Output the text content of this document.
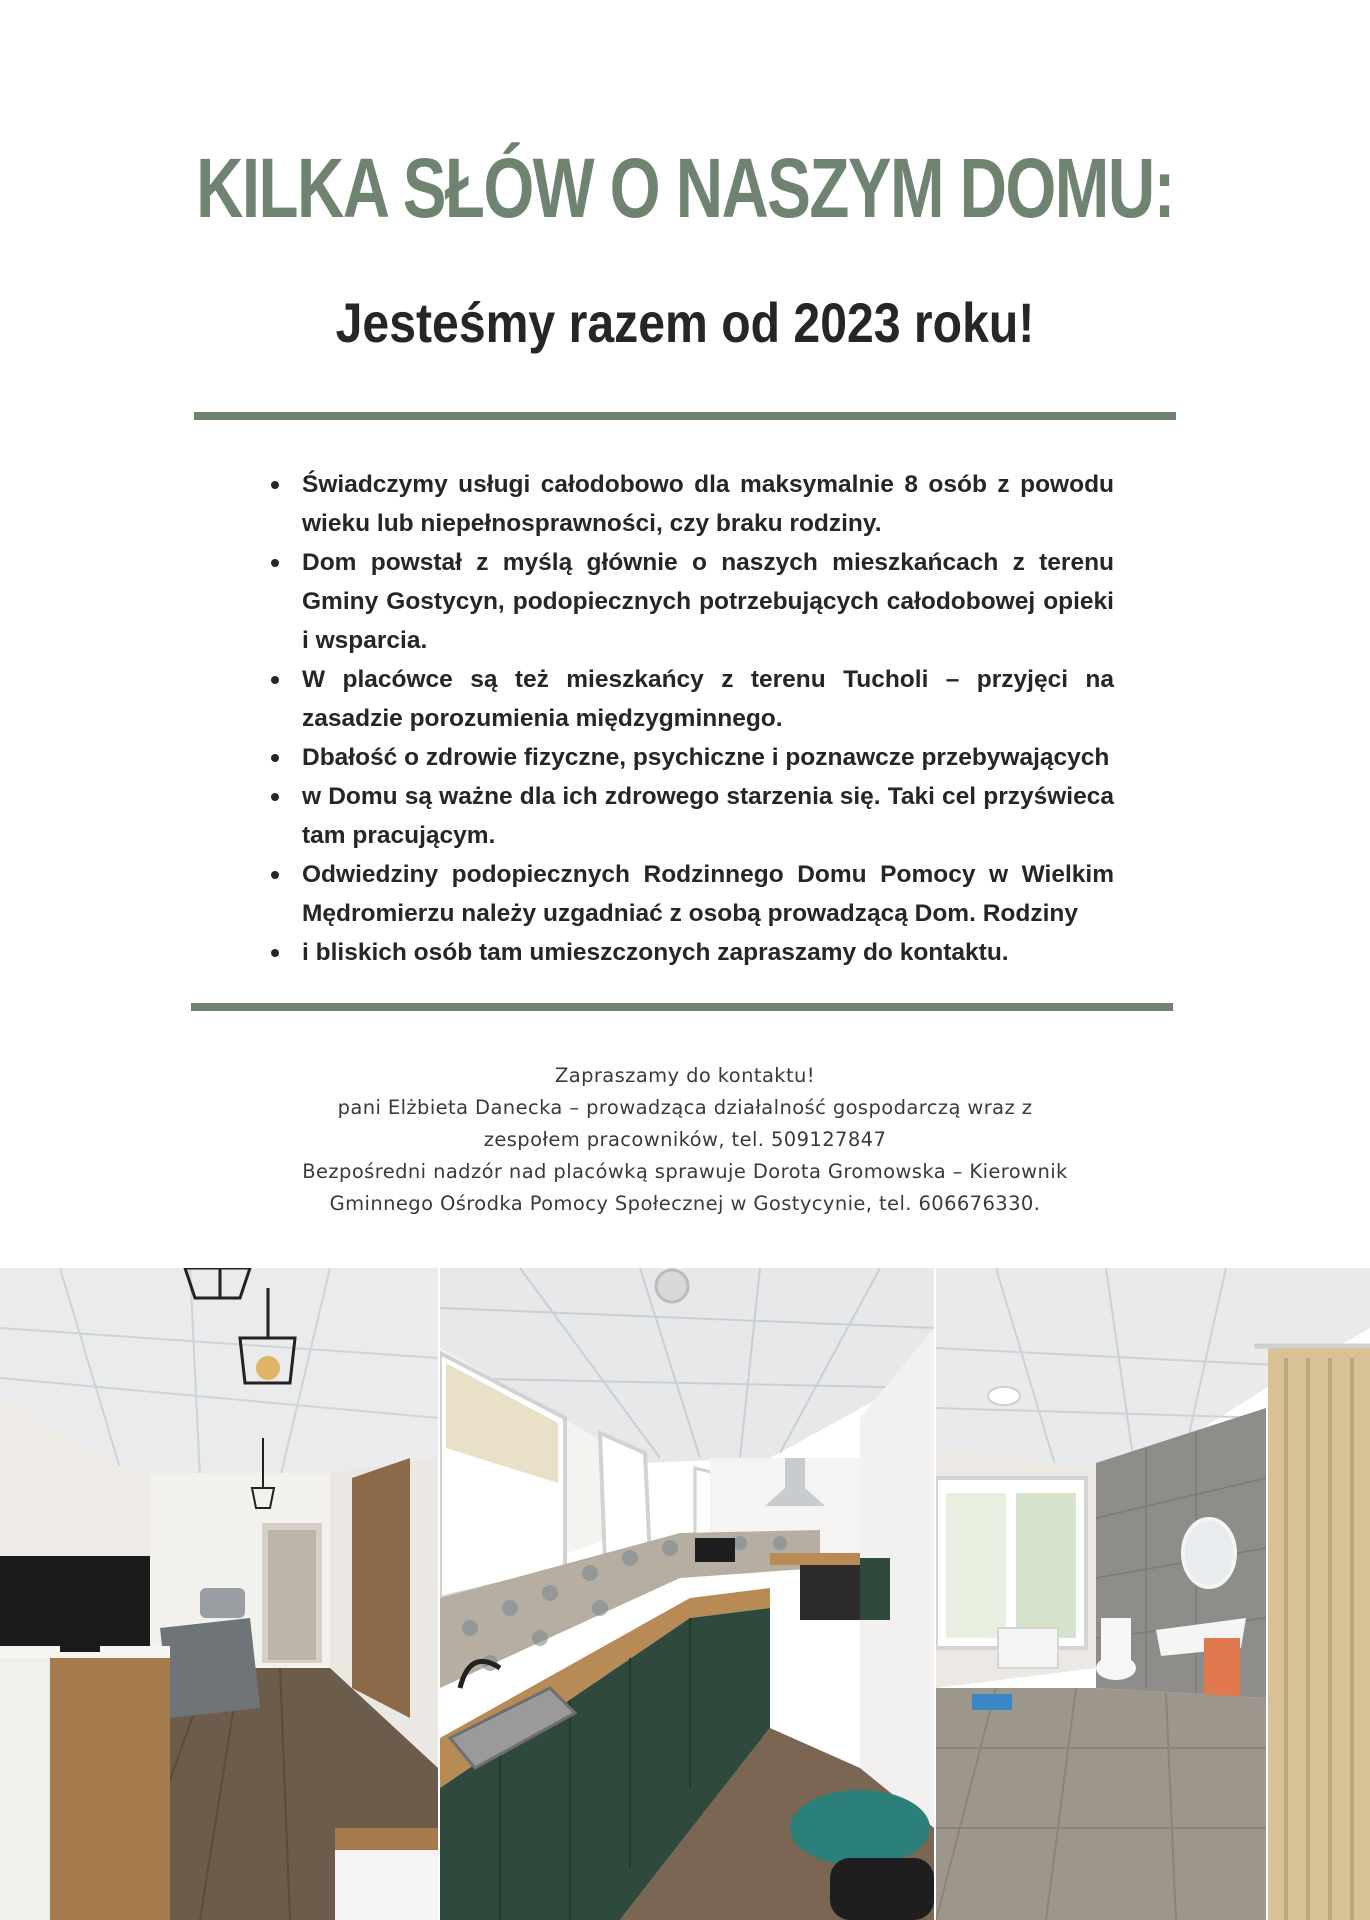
KILKA SŁÓW O NASZYM DOMU:
Jesteśmy razem od 2023 roku!
Świadczymy usługi całodobowo dla maksymalnie 8 osób z powodu wieku lub niepełnosprawności, czy braku rodziny.
Dom powstał z myślą głównie o naszych mieszkańcach z terenu Gminy Gostycyn, podopiecznych potrzebujących całodobowej opieki i wsparcia.
W placówce są też mieszkańcy z terenu Tucholi – przyjęci na zasadzie porozumienia międzygminnego.
Dbałość o zdrowie fizyczne, psychiczne i poznawcze przebywających
w Domu są ważne dla ich zdrowego starzenia się. Taki cel przyświeca tam pracującym.
Odwiedziny podopiecznych Rodzinnego Domu Pomocy w Wielkim Mędromierzu należy uzgadniać z osobą prowadzącą Dom. Rodziny
i bliskich osób tam umieszczonych zapraszamy do kontaktu.
Zapraszamy do kontaktu!
pani Elżbieta Danecka – prowadząca działalność gospodarczą wraz z
zespołem pracowników, tel. 509127847
Bezpośredni nadzór nad placówką sprawuje Dorota Gromowska – Kierownik
Gminnego Ośrodka Pomocy Społecznej w Gostycynie, tel. 606676330.
